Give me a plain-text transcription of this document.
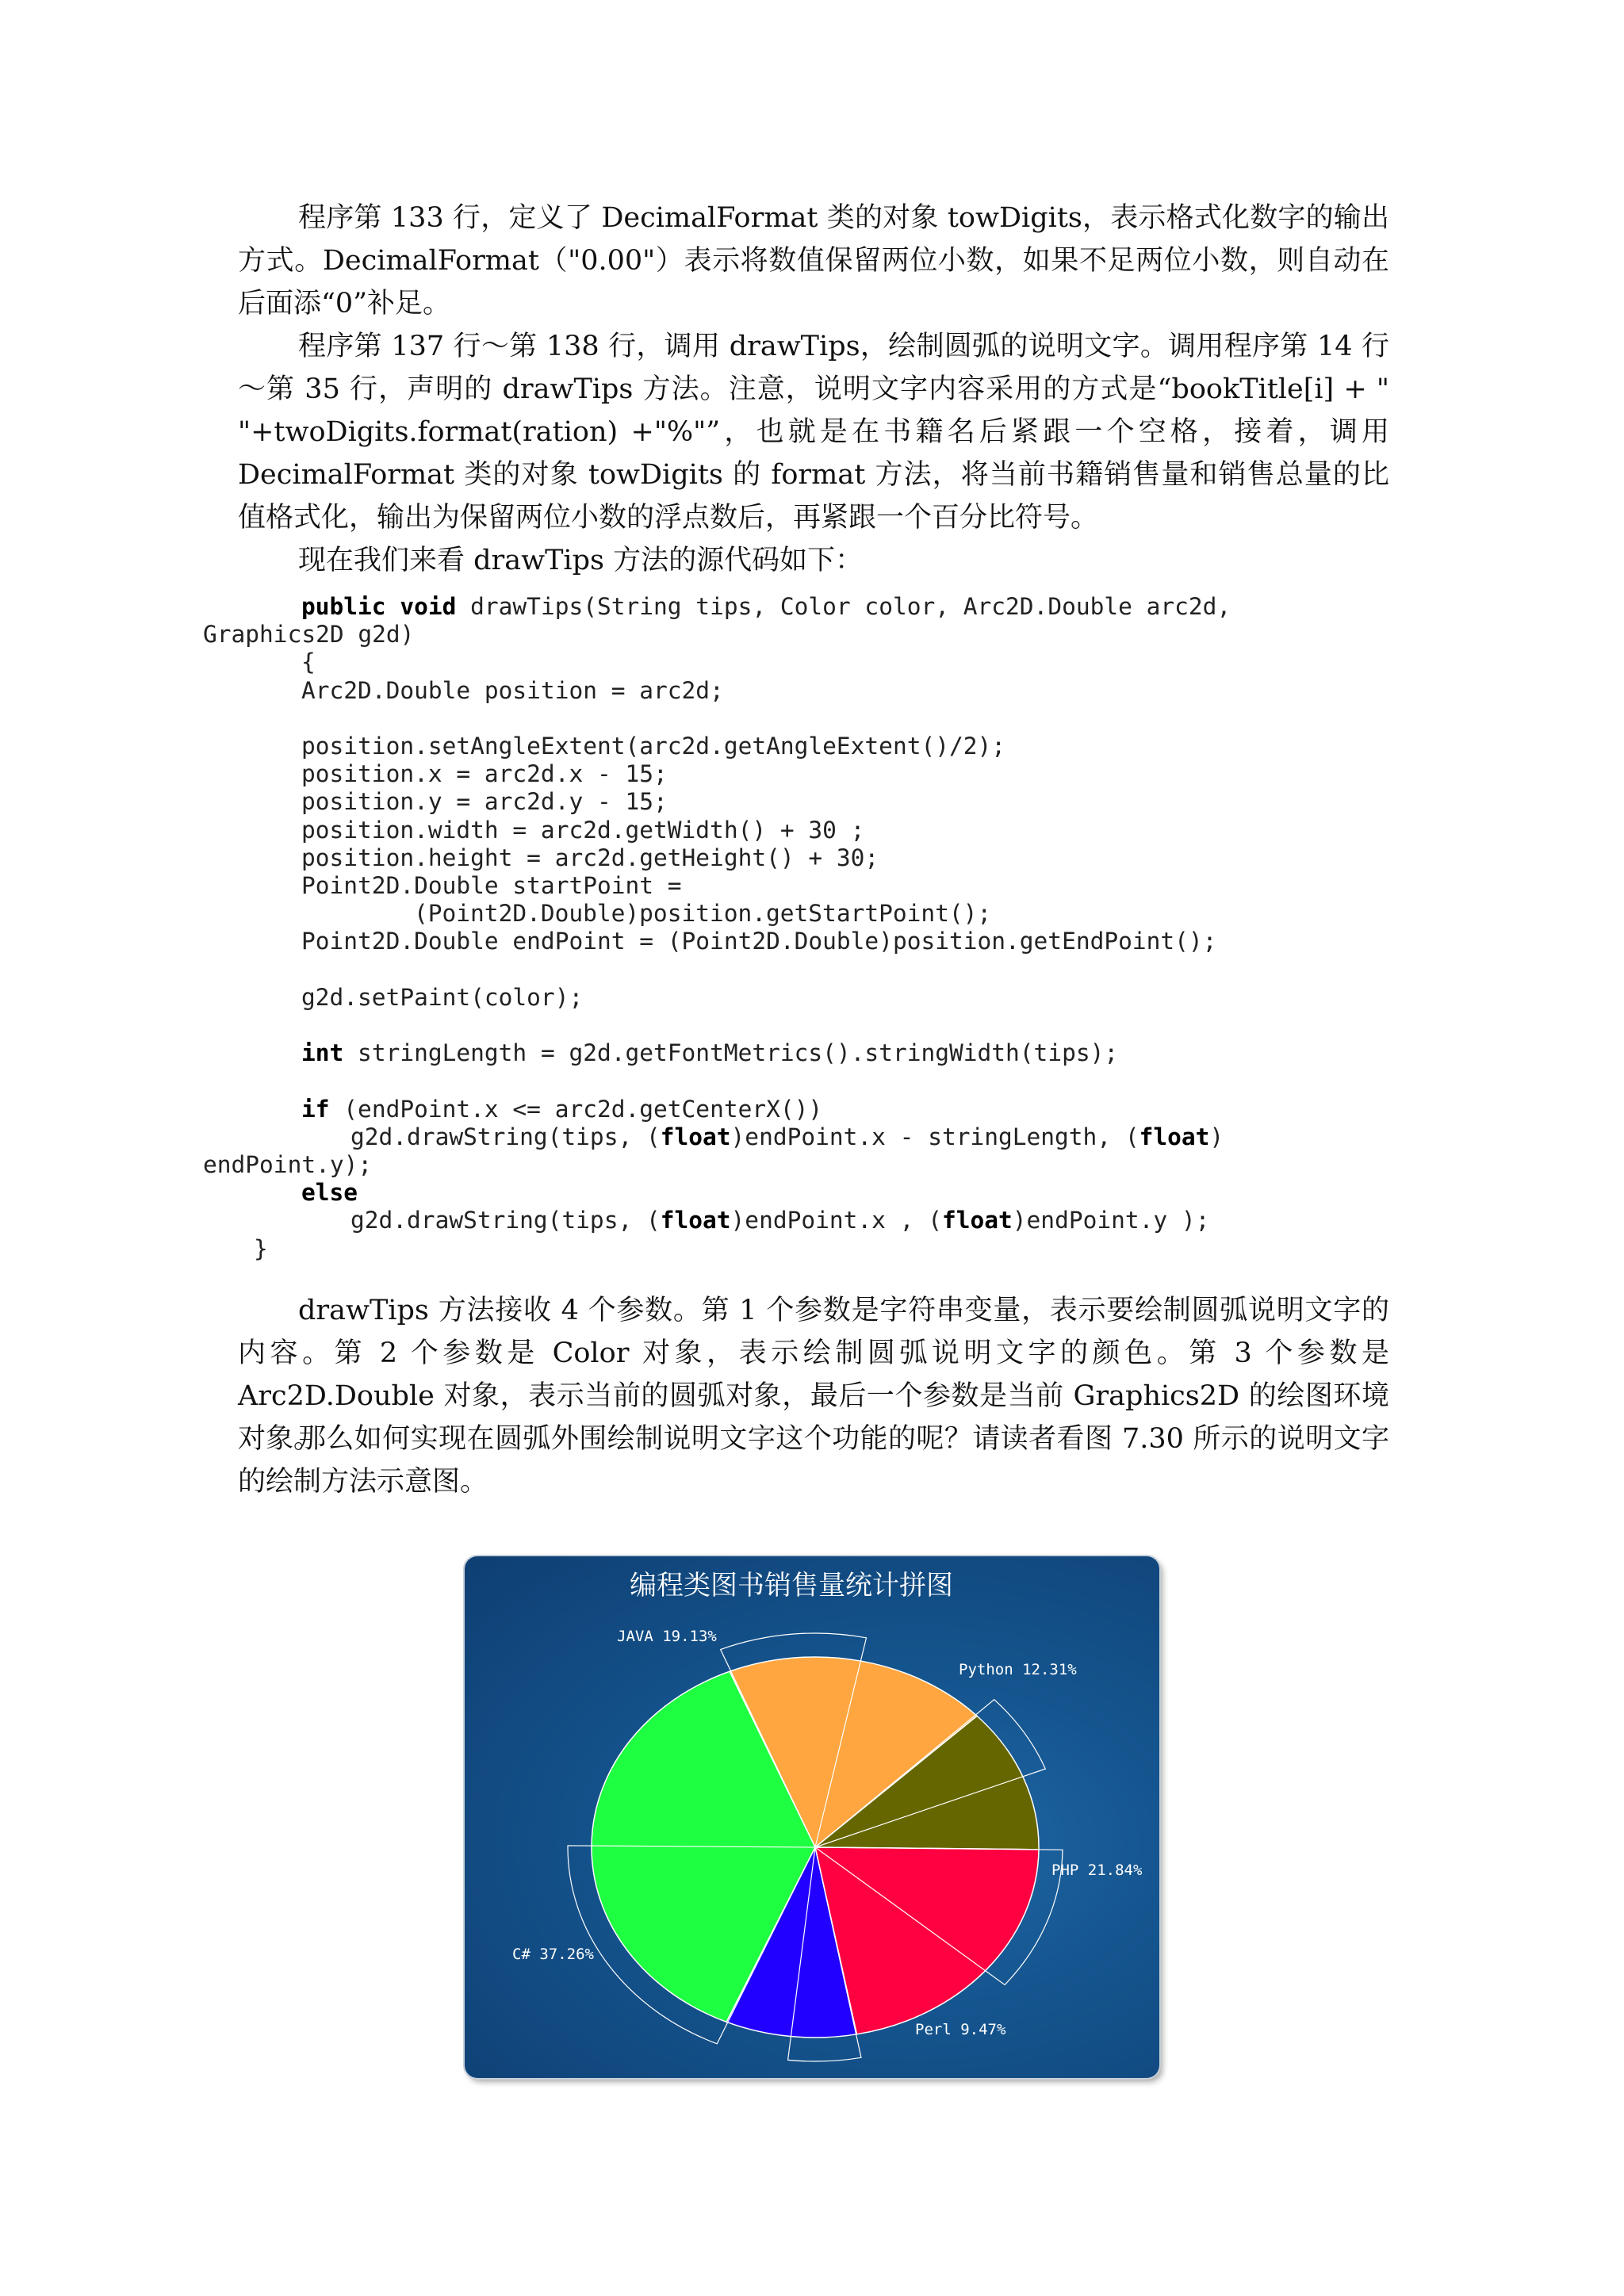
程序第 133 行，定义了 DecimalFormat 类的对象 towDigits，表示格式化数字的输出方式。DecimalFormat（"0.00"）表示将数值保留两位小数，如果不足两位小数，则自动在后面添“0”补足。

程序第 137 行～第 138 行，调用 drawTips，绘制圆弧的说明文字。调用程序第 14 行～第 35 行，声明的 drawTips 方法。注意，说明文字内容采用的方式是“bookTitle[i] + " "+twoDigits.format(ration) +"%"”，也就是在书籍名后紧跟一个空格，接着，调用 DecimalFormat 类的对象 towDigits 的 format 方法，将当前书籍销售量和销售总量的比值格式化，输出为保留两位小数的浮点数后，再紧跟一个百分比符号。

现在我们来看 drawTips 方法的源代码如下：

public void drawTips(String tips, Color color, Arc2D.Double arc2d,
Graphics2D g2d)
{
Arc2D.Double position = arc2d;
position.setAngleExtent(arc2d.getAngleExtent()/2);
position.x = arc2d.x - 15;
position.y = arc2d.y - 15;
position.width = arc2d.getWidth() + 30 ;
position.height = arc2d.getHeight() + 30;
Point2D.Double startPoint =
(Point2D.Double)position.getStartPoint();
Point2D.Double endPoint = (Point2D.Double)position.getEndPoint();
g2d.setPaint(color);
int stringLength = g2d.getFontMetrics().stringWidth(tips);
if (endPoint.x <= arc2d.getCenterX())
g2d.drawString(tips, (float)endPoint.x - stringLength, (float)
endPoint.y);
else
g2d.drawString(tips, (float)endPoint.x , (float)endPoint.y );
}

drawTips 方法接收 4 个参数。第 1 个参数是字符串变量，表示要绘制圆弧说明文字的内容。第 2 个参数是 Color 对象，表示绘制圆弧说明文字的颜色。第 3 个参数是 Arc2D.Double 对象，表示当前的圆弧对象，最后一个参数是当前 Graphics2D 的绘图环境对象。

那么如何实现在圆弧外围绘制说明文字这个功能的呢？请读者看图 7.30 所示的说明文字的绘制方法示意图。

编程类图书销售量统计拼图
JAVA 19.13%
Python 12.31%
PHP 21.84%
Perl 9.47%
C# 37.26%
